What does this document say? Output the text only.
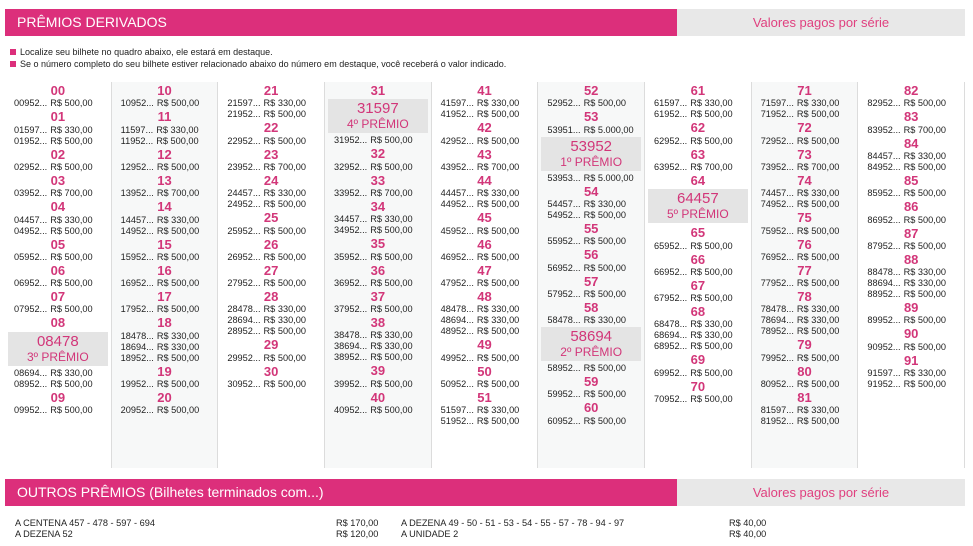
PRÊMIOS DERIVADOS	Valores pagos por série
Localize seu bilhete no quadro abaixo, ele estará em destaque.
Se o número completo do seu bilhete estiver relacionado abaixo do número em destaque, você receberá o valor indicado.
00
00952... R$ 500,00
01
01597... R$ 330,00
01952... R$ 500,00
02
02952... R$ 500,00
03
03952... R$ 700,00
04
04457... R$ 330,00
04952... R$ 500,00
05
05952... R$ 500,00
06
06952... R$ 500,00
07
07952... R$ 500,00
08
08478
3º PRÊMIO
08694... R$ 330,00
08952... R$ 500,00
09
09952... R$ 500,00
10
10952... R$ 500,00
11
11597... R$ 330,00
11952... R$ 500,00
12
12952... R$ 500,00
13
13952... R$ 700,00
14
14457... R$ 330,00
14952... R$ 500,00
15
15952... R$ 500,00
16
16952... R$ 500,00
17
17952... R$ 500,00
18
18478... R$ 330,00
18694... R$ 330,00
18952... R$ 500,00
19
19952... R$ 500,00
20
20952... R$ 500,00
21
21597... R$ 330,00
21952... R$ 500,00
22
22952... R$ 500,00
23
23952... R$ 700,00
24
24457... R$ 330,00
24952... R$ 500,00
25
25952... R$ 500,00
26
26952... R$ 500,00
27
27952... R$ 500,00
28
28478... R$ 330,00
28694... R$ 330,00
28952... R$ 500,00
29
29952... R$ 500,00
30
30952... R$ 500,00
31
31597
4º PRÊMIO
31952... R$ 500,00
32
32952... R$ 500,00
33
33952... R$ 700,00
34
34457... R$ 330,00
34952... R$ 500,00
35
35952... R$ 500,00
36
36952... R$ 500,00
37
37952... R$ 500,00
38
38478... R$ 330,00
38694... R$ 330,00
38952... R$ 500,00
39
39952... R$ 500,00
40
40952... R$ 500,00
41
41597... R$ 330,00
41952... R$ 500,00
42
42952... R$ 500,00
43
43952... R$ 700,00
44
44457... R$ 330,00
44952... R$ 500,00
45
45952... R$ 500,00
46
46952... R$ 500,00
47
47952... R$ 500,00
48
48478... R$ 330,00
48694... R$ 330,00
48952... R$ 500,00
49
49952... R$ 500,00
50
50952... R$ 500,00
51
51597... R$ 330,00
51952... R$ 500,00
52
52952... R$ 500,00
53
53951... R$ 5.000,00
53952
1º PRÊMIO
53953... R$ 5.000,00
54
54457... R$ 330,00
54952... R$ 500,00
55
55952... R$ 500,00
56
56952... R$ 500,00
57
57952... R$ 500,00
58
58478... R$ 330,00
58694
2º PRÊMIO
58952... R$ 500,00
59
59952... R$ 500,00
60
60952... R$ 500,00
61
61597... R$ 330,00
61952... R$ 500,00
62
62952... R$ 500,00
63
63952... R$ 700,00
64
64457
5º PRÊMIO
65
65952... R$ 500,00
66
66952... R$ 500,00
67
67952... R$ 500,00
68
68478... R$ 330,00
68694... R$ 330,00
68952... R$ 500,00
69
69952... R$ 500,00
70
70952... R$ 500,00
71
71597... R$ 330,00
71952... R$ 500,00
72
72952... R$ 500,00
73
73952... R$ 700,00
74
74457... R$ 330,00
74952... R$ 500,00
75
75952... R$ 500,00
76
76952... R$ 500,00
77
77952... R$ 500,00
78
78478... R$ 330,00
78694... R$ 330,00
78952... R$ 500,00
79
79952... R$ 500,00
80
80952... R$ 500,00
81
81597... R$ 330,00
81952... R$ 500,00
82
82952... R$ 500,00
83
83952... R$ 700,00
84
84457... R$ 330,00
84952... R$ 500,00
85
85952... R$ 500,00
86
86952... R$ 500,00
87
87952... R$ 500,00
88
88478... R$ 330,00
88694... R$ 330,00
88952... R$ 500,00
89
89952... R$ 500,00
90
90952... R$ 500,00
91
91597... R$ 330,00
91952... R$ 500,00
OUTROS PRÊMIOS (Bilhetes terminados com...)	Valores pagos por série
A CENTENA 457 - 478 - 597 - 694	R$ 170,00
A DEZENA 52	R$ 120,00
A DEZENA 49 - 50 - 51 - 53 - 54 - 55 - 57 - 78 - 94 - 97	R$ 40,00
A UNIDADE 2	R$ 40,00
